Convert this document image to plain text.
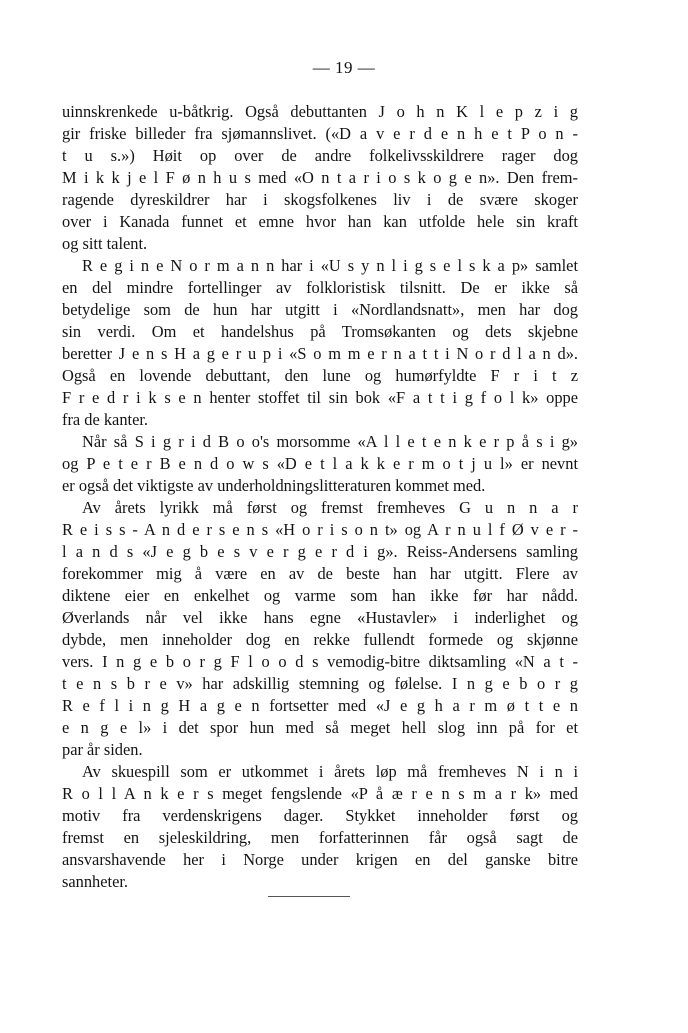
— 19 —
uinnskrenkede u-båtkrig. Også debuttanten J o h n K l e p z i g
gir friske billeder fra sjømannslivet. («D a v e r d e n h e t P o n -
t u s.») Høit op over de andre folkelivsskildrere rager dog
M i k k j e l F ø n h u s med «O n t a r i o s k o g e n». Den frem-
ragende dyreskildrer har i skogsfolkenes liv i de svære skoger
over i Kanada funnet et emne hvor han kan utfolde hele sin kraft
og sitt talent.
R e g i n e N o r m a n n har i «U s y n l i g s e l s k a p» samlet
en del mindre fortellinger av folkloristisk tilsnitt. De er ikke så
betydelige som de hun har utgitt i «Nordlandsnatt», men har dog
sin verdi. Om et handelshus på Tromsøkanten og dets skjebne
beretter J e n s H a g e r u p i «S o m m e r n a t t i N o r d l a n d».
Også en lovende debuttant, den lune og humørfyldte F r i t z
F r e d r i k s e n henter stoffet til sin bok «F a t t i g f o l k» oppe
fra de kanter.
Når så S i g r i d B o o's morsomme «A l l e t e n k e r p å s i g»
og P e t e r B e n d o w s «D e t l a k k e r m o t j u l» er nevnt
er også det viktigste av underholdningslitteraturen kommet med.
Av årets lyrikk må først og fremst fremheves G u n n a r
R e i s s - A n d e r s e n s «H o r i s o n t» og A r n u l f Ø v e r -
l a n d s «J e g b e s v e r g e r d i g». Reiss-Andersens samling
forekommer mig å være en av de beste han har utgitt. Flere av
diktene eier en enkelhet og varme som han ikke før har nådd.
Øverlands når vel ikke hans egne «Hustavler» i inderlighet og
dybde, men inneholder dog en rekke fullendt formede og skjønne
vers. I n g e b o r g F l o o d s vemodig-bitre diktsamling «N a t -
t e n s b r e v» har adskillig stemning og følelse. I n g e b o r g
R e f l i n g H a g e n fortsetter med «J e g h a r m ø t t e n
e n g e l» i det spor hun med så meget hell slog inn på for et
par år siden.
Av skuespill som er utkommet i årets løp må fremheves N i n i
R o l l A n k e r s meget fengslende «P å æ r e n s m a r k» med
motiv fra verdenskrigens dager. Stykket inneholder først og
fremst en sjeleskildring, men forfatterinnen får også sagt de
ansvarshavende her i Norge under krigen en del ganske bitre
sannheter.
